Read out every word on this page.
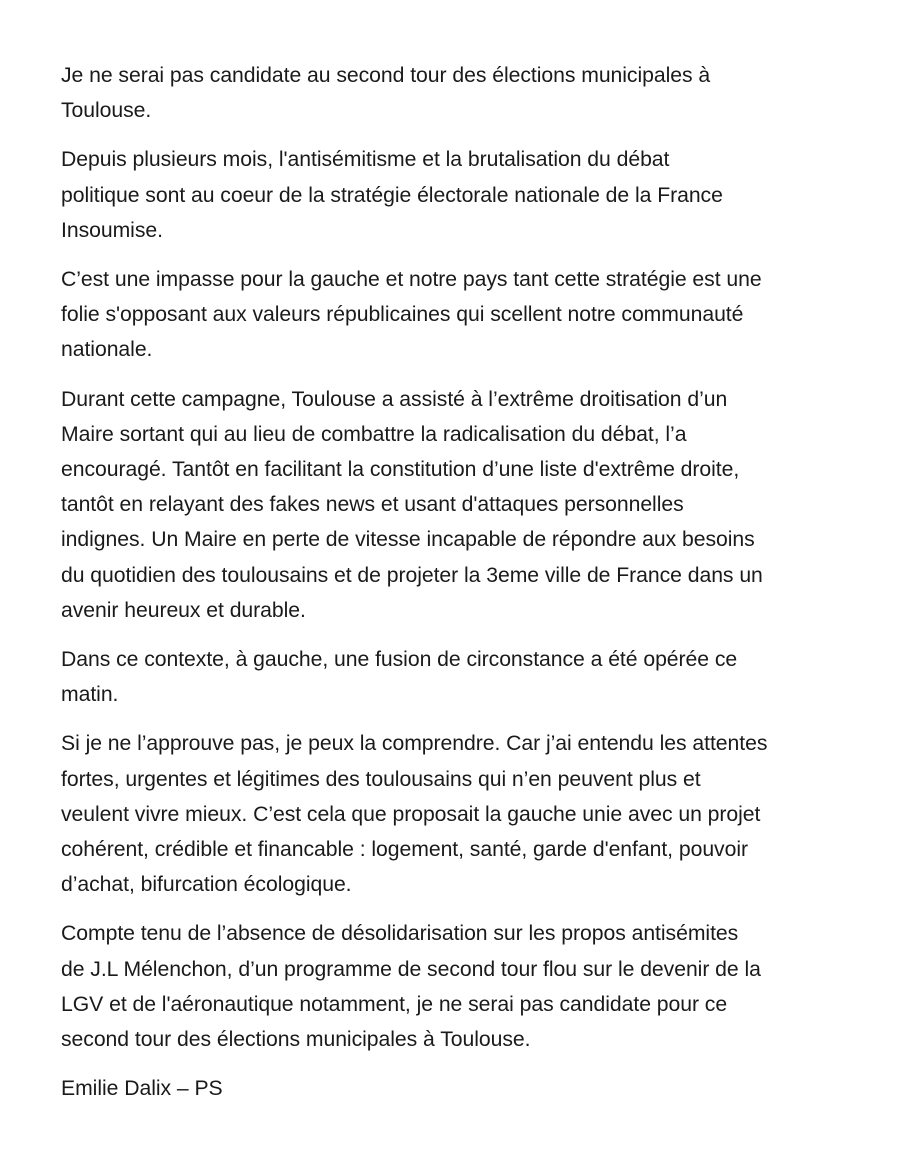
Je ne serai pas candidate au second tour des élections municipales à
Toulouse.

Depuis plusieurs mois, l'antisémitisme et la brutalisation du débat
politique sont au coeur de la stratégie électorale nationale de la France
Insoumise.

C’est une impasse pour la gauche et notre pays tant cette stratégie est une
folie s'opposant aux valeurs républicaines qui scellent notre communauté
nationale.

Durant cette campagne, Toulouse a assisté à l’extrême droitisation d’un
Maire sortant qui au lieu de combattre la radicalisation du débat, l’a
encouragé. Tantôt en facilitant la constitution d’une liste d'extrême droite,
tantôt en relayant des fakes news et usant d'attaques personnelles
indignes. Un Maire en perte de vitesse incapable de répondre aux besoins
du quotidien des toulousains et de projeter la 3eme ville de France dans un
avenir heureux et durable.

Dans ce contexte, à gauche, une fusion de circonstance a été opérée ce
matin.

Si je ne l’approuve pas, je peux la comprendre. Car j’ai entendu les attentes
fortes, urgentes et légitimes des toulousains qui n’en peuvent plus et
veulent vivre mieux. C’est cela que proposait la gauche unie avec un projet
cohérent, crédible et financable : logement, santé, garde d'enfant, pouvoir
d’achat, bifurcation écologique.

Compte tenu de l’absence de désolidarisation sur les propos antisémites
de J.L Mélenchon, d’un programme de second tour flou sur le devenir de la
LGV et de l'aéronautique notamment, je ne serai pas candidate pour ce
second tour des élections municipales à Toulouse.

Emilie Dalix – PS
